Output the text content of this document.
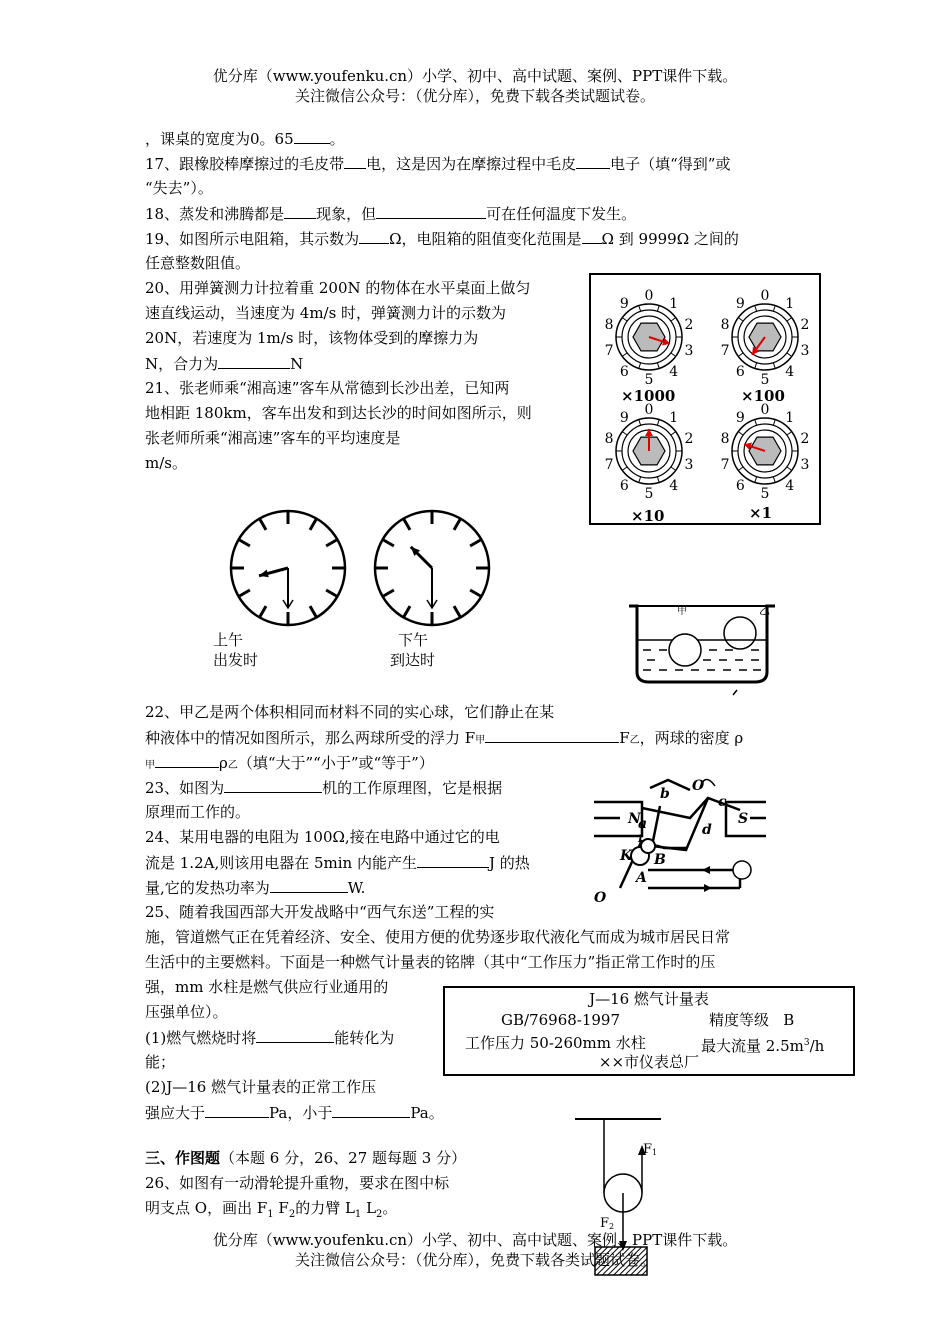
优分库（www.youfenku.cn）小学、初中、高中试题、案例、PPT课件下载。
关注微信公众号：（优分库），免费下载各类试题试卷。
，课桌的宽度为0。65 。
17、跟橡胶棒摩擦过的毛皮带 电，这是因为在摩擦过程中毛皮 电子（填“得到”或
“失去”）。
18、蒸发和沸腾都是 现象，但	可在任何温度下发生。
19、如图所示电阻箱，其示数为 Ω，电阻箱的阻值变化范围是 Ω 到 9999Ω 之间的
任意整数阻值。
20、用弹簧测力计拉着重 200N 的物体在水平桌面上做匀
速直线运动，当速度为 4m/s 时，弹簧测力计的示数为
20N，若速度为 1m/s 时，该物体受到的摩擦力为
N，合力为	N
21、张老师乘“湘高速”客车从常德到长沙出差，已知两
地相距 180km，客车出发和到达长沙的时间如图所示，则
张老师所乘“湘高速”客车的平均速度是
m/s。
0
1
2
3
4
5
6
7
8
9
0
1
2
3
4
5
6
7
8
9
0
1
2
3
4
5
6
7
8
9
0
1
2
3
4
5
6
7
8
9
×1000	×100
×10	×1
上午
出发时
下午
到达时
甲	乙
22、甲乙是两个体积相同而材料不同的实心球，它们静止在某
种液体中的情况如图所示，那么两球所受的浮力 F甲	F乙，两球的密度 ρ
甲	ρ乙（填“大于”“小于”或“等于”）
23、如图为	机的工作原理图，它是根据
原理而工作的。	N	S
O
b	c
a	d
L
K B
A
O
24、某用电器的电阻为 100Ω,接在电路中通过它的电
流是 1.2A,则该用电器在 5min 内能产生	J 的热
量,它的发热功率为	W.
25、随着我国西部大开发战略中“西气东送”工程的实
施，管道燃气正在凭着经济、安全、使用方便的优势逐步取代液化气而成为城市居民日常
生活中的主要燃料。下面是一种燃气计量表的铭牌（其中“工作压力”指正常工作时的压
强，mm 水柱是燃气供应行业通用的
压强单位）。
(1)燃气燃烧时将	能转化为
能；
(2)J—16 燃气计量表的正常工作压
强应大于	Pa，小于	Pa。
J—16 燃气计量表
GB/76968-1997	精度等级   B
工作压力 50-260mm 水柱	最大流量 $2.5m^3/h$
××市仪表总厂
三、作图题（本题 6 分，26、27 题每题 3 分）
26、如图有一动滑轮提升重物，要求在图中标
明支点 O，画出 $F_1$ $F_2$的力臂 $L_1$ $L_2$。
F1
F2
优分库（www.youfenku.cn）小学、初中、高中试题、案例、PPT课件下载。
关注微信公众号：（优分库），免费下载各类试题试卷。
